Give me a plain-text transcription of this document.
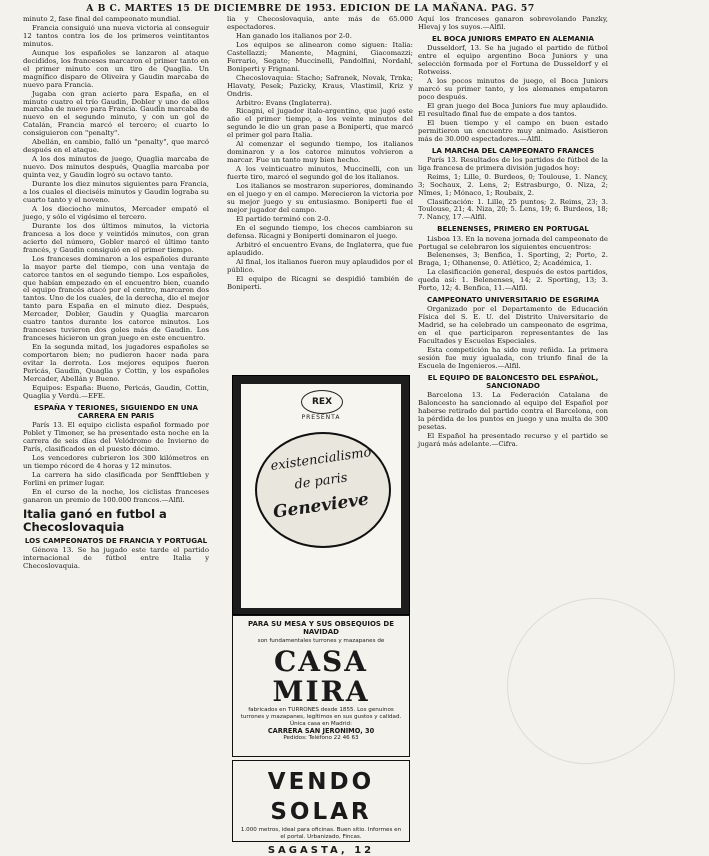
A B C. MARTES 15 DE DICIEMBRE DE 1953. EDICION DE LA MAÑANA. PAG. 57

minuto 2, fase final del campeonato mundial.

Francia consiguió una nueva victoria al conseguir 12 tantos contra los de los primeros veintitantos minutos.

Aunque los españoles se lanzaron al ataque decididos, los franceses marcaron el primer tanto en el primer minuto con un tiro de Quaglia. Un magnífico disparo de Oliveira y Gaudin marcaba de nuevo para Francia.

Jugaba con gran acierto para España, en el minuto cuatro el trío Gaudin, Dobler y uno de ellos marcaba de nuevo para Francia. Gaudin marcaba de nuevo en el segundo minuto, y con un gol de Catalán, Francia marcó el tercero; el cuarto lo consiguieron con "penalty".

Abellán, en cambio, falló un "penalty", que marcó después en el ataque.

A los dos minutos de juego, Quaglia marcaba de nuevo. Dos minutos después, Quaglia marcaba por quinta vez, y Gaudin logró su octavo tanto.

Durante los diez minutos siguientes para Francia, a los cuales el dieciséis minutos y Gaudin lograba su cuarto tanto y el noveno.

A los dieciocho minutos, Mercader empató el juego, y sólo el vigésimo el tercero.

Durante los dos últimos minutos, la victoria francesa a los doce y veintidós minutos, con gran acierto del número, Gobler marcó el último tanto francés, y Gaudin consiguió en el primer tiempo.

Los franceses dominaron a los españoles durante la mayor parte del tiempo, con una ventaja de catorce tantos en el segundo tiempo. Los españoles, que habían empezado en el encuentro bien, cuando el equipo francés atacó por el centro, marcaron dos tantos. Uno de los cuales, de la derecha, dio el mejor tanto para España en el minuto diez. Después, Mercader, Dobler, Gaudin y Quaglia marcaron cuatro tantos durante los catorce minutos. Los franceses tuvieron dos goles más de Gaudin. Los franceses hicieron un gran juego en este encuentro.

En la segunda mitad, los jugadores españoles se comportaron bien; no pudieron hacer nada para evitar la derrota. Los mejores equipos fueron Pericás, Gaudin, Quaglia y Cottin, y los españoles Mercader, Abellán y Bueno.

Equipos: España: Bueno, Pericás, Gaudin, Cottin, Quaglia y Verdú.—EFE.

ESPAÑA Y TERIONES, SIGUIENDO EN UNA CARRERA EN PARIS

París 13. El equipo ciclista español formado por Poblet y Timoner, se ha presentado esta noche en la carrera de seis días del Velódromo de Invierno de París, clasificados en el puesto décimo.

Los vencedores cubrieron los 300 kilómetros en un tiempo récord de 4 horas y 12 minutos.

La carrera ha sido clasificada por Senfftleben y Forlini en primer lugar.

En el curso de la noche, los ciclistas franceses ganaron un premio de 100.000 francos.—Alfil.

Italia ganó en futbol a Checoslovaquia
LOS CAMPEONATOS DE FRANCIA Y PORTUGAL

Génova 13. Se ha jugado este tarde el partido internacional de fútbol entre Italia y Checoslovaquia.

lia y Checoslovaquia, ante más de 65.000 espectadores.

Han ganado los italianos por 2-0.

Los equipos se alinearon como siguen: Italia: Castellazzi; Manente, Magnini, Giacomazzi; Ferrario, Segato; Muccinelli, Pandolfini, Nordahl, Boniperti y Frignani.

Checoslovaquia: Stacho; Safranek, Novak, Trnka; Hlavaty, Pesek; Pazicky, Kraus, Vlastimil, Kriz y Ondris.

Arbitro: Evans (Inglaterra).

Ricagni, el jugador italo-argentino, que jugó este año el primer tiempo, a los veinte minutos del segundo le dio un gran pase a Boniperti, que marcó el primer gol para Italia.

Al comenzar el segundo tiempo, los italianos dominaron y a los catorce minutos volvieron a marcar. Fue un tanto muy bien hecho.

A los veinticuatro minutos, Muccinelli, con un fuerte tiro, marcó el segundo gol de los italianos.

Los italianos se mostraron superiores, dominando en el juego y en el campo. Merecieron la victoria por su mejor juego y su entusiasmo. Boniperti fue el mejor jugador del campo.

El partido terminó con 2-0.

En el segundo tiempo, los checos cambiaron su defensa. Ricagni y Boniperti dominaron el juego.

Arbitró el encuentro Evans, de Inglaterra, que fue aplaudido.

Al final, los italianos fueron muy aplaudidos por el público.

El equipo de Ricagni se despidió también de Boniperti.

REX
PRESENTA
existencialismo
de paris
Genevieve
PARA SU MESA Y SUS OBSEQUIOS DE NAVIDAD
son fundamentales turrones y mazapanes de
CASA MIRA
fabricados en TURRONES desde 1855. Los genuinos turrones y mazapanes, legítimos en sus gustos y calidad. Única casa en Madrid:
CARRERA SAN JERONIMO, 30
Pedidos: Teléfono 22 46 63
VENDO SOLAR
1.000 metros, ideal para oficinas. Buen sitio. Informes en el portal. Urbanizado, Fincas.
SAGASTA, 12

Aquí los franceses ganaron sobrevolando Panzky, Hlevaj y los suyos.—Alfil.

EL BOCA JUNIORS EMPATO EN ALEMANIA

Dusseldorf, 13. Se ha jugado el partido de fútbol entre el equipo argentino Boca Juniors y una selección formada por el Fortuna de Dusseldorf y el Rotweiss.

A los pocos minutos de juego, el Boca Juniors marcó su primer tanto, y los alemanes empataron poco después.

El gran juego del Boca Juniors fue muy aplaudido. El resultado final fue de empate a dos tantos.

El buen tiempo y el campo en buen estado permitieron un encuentro muy animado. Asistieron más de 30.000 espectadores.—Alfil.

LA MARCHA DEL CAMPEONATO FRANCES

París 13. Resultados de los partidos de fútbol de la liga francesa de primera división jugados hoy:

Reims, 1; Lille, 0. Burdeos, 0; Toulouse, 1. Nancy, 3; Sochaux, 2. Lens, 2; Estrasburgo, 0. Niza, 2; Nîmes, 1; Mónaco, 1; Roubaix, 2.

Clasificación: 1. Lille, 25 puntos; 2. Reims, 23; 3. Toulouse, 21; 4. Niza, 20; 5. Lens, 19; 6. Burdeos, 18; 7. Nancy, 17.—Alfil.

BELENENSES, PRIMERO EN PORTUGAL

Lisboa 13. En la novena jornada del campeonato de Portugal se celebraron los siguientes encuentros:

Belenenses, 3; Benfica, 1. Sporting, 2; Porto, 2. Braga, 1; Olhanense, 0. Atlético, 2; Académica, 1.

La clasificación general, después de estos partidos, queda así: 1. Belenenses, 14; 2. Sporting, 13; 3. Porto, 12; 4. Benfica, 11.—Alfil.

CAMPEONATO UNIVERSITARIO DE ESGRIMA

Organizado por el Departamento de Educación Física del S. E. U. del Distrito Universitario de Madrid, se ha celebrado un campeonato de esgrima, en el que participaron representantes de las Facultades y Escuelas Especiales.

Esta competición ha sido muy reñida. La primera sesión fue muy igualada, con triunfo final de la Escuela de Ingenieros.—Alfil.

EL EQUIPO DE BALONCESTO DEL ESPAÑOL, SANCIONADO

Barcelona 13. La Federación Catalana de Baloncesto ha sancionado al equipo del Español por haberse retirado del partido contra el Barcelona, con la pérdida de los puntos en juego y una multa de 300 pesetas.

El Español ha presentado recurso y el partido se jugará más adelante.—Cifra.
